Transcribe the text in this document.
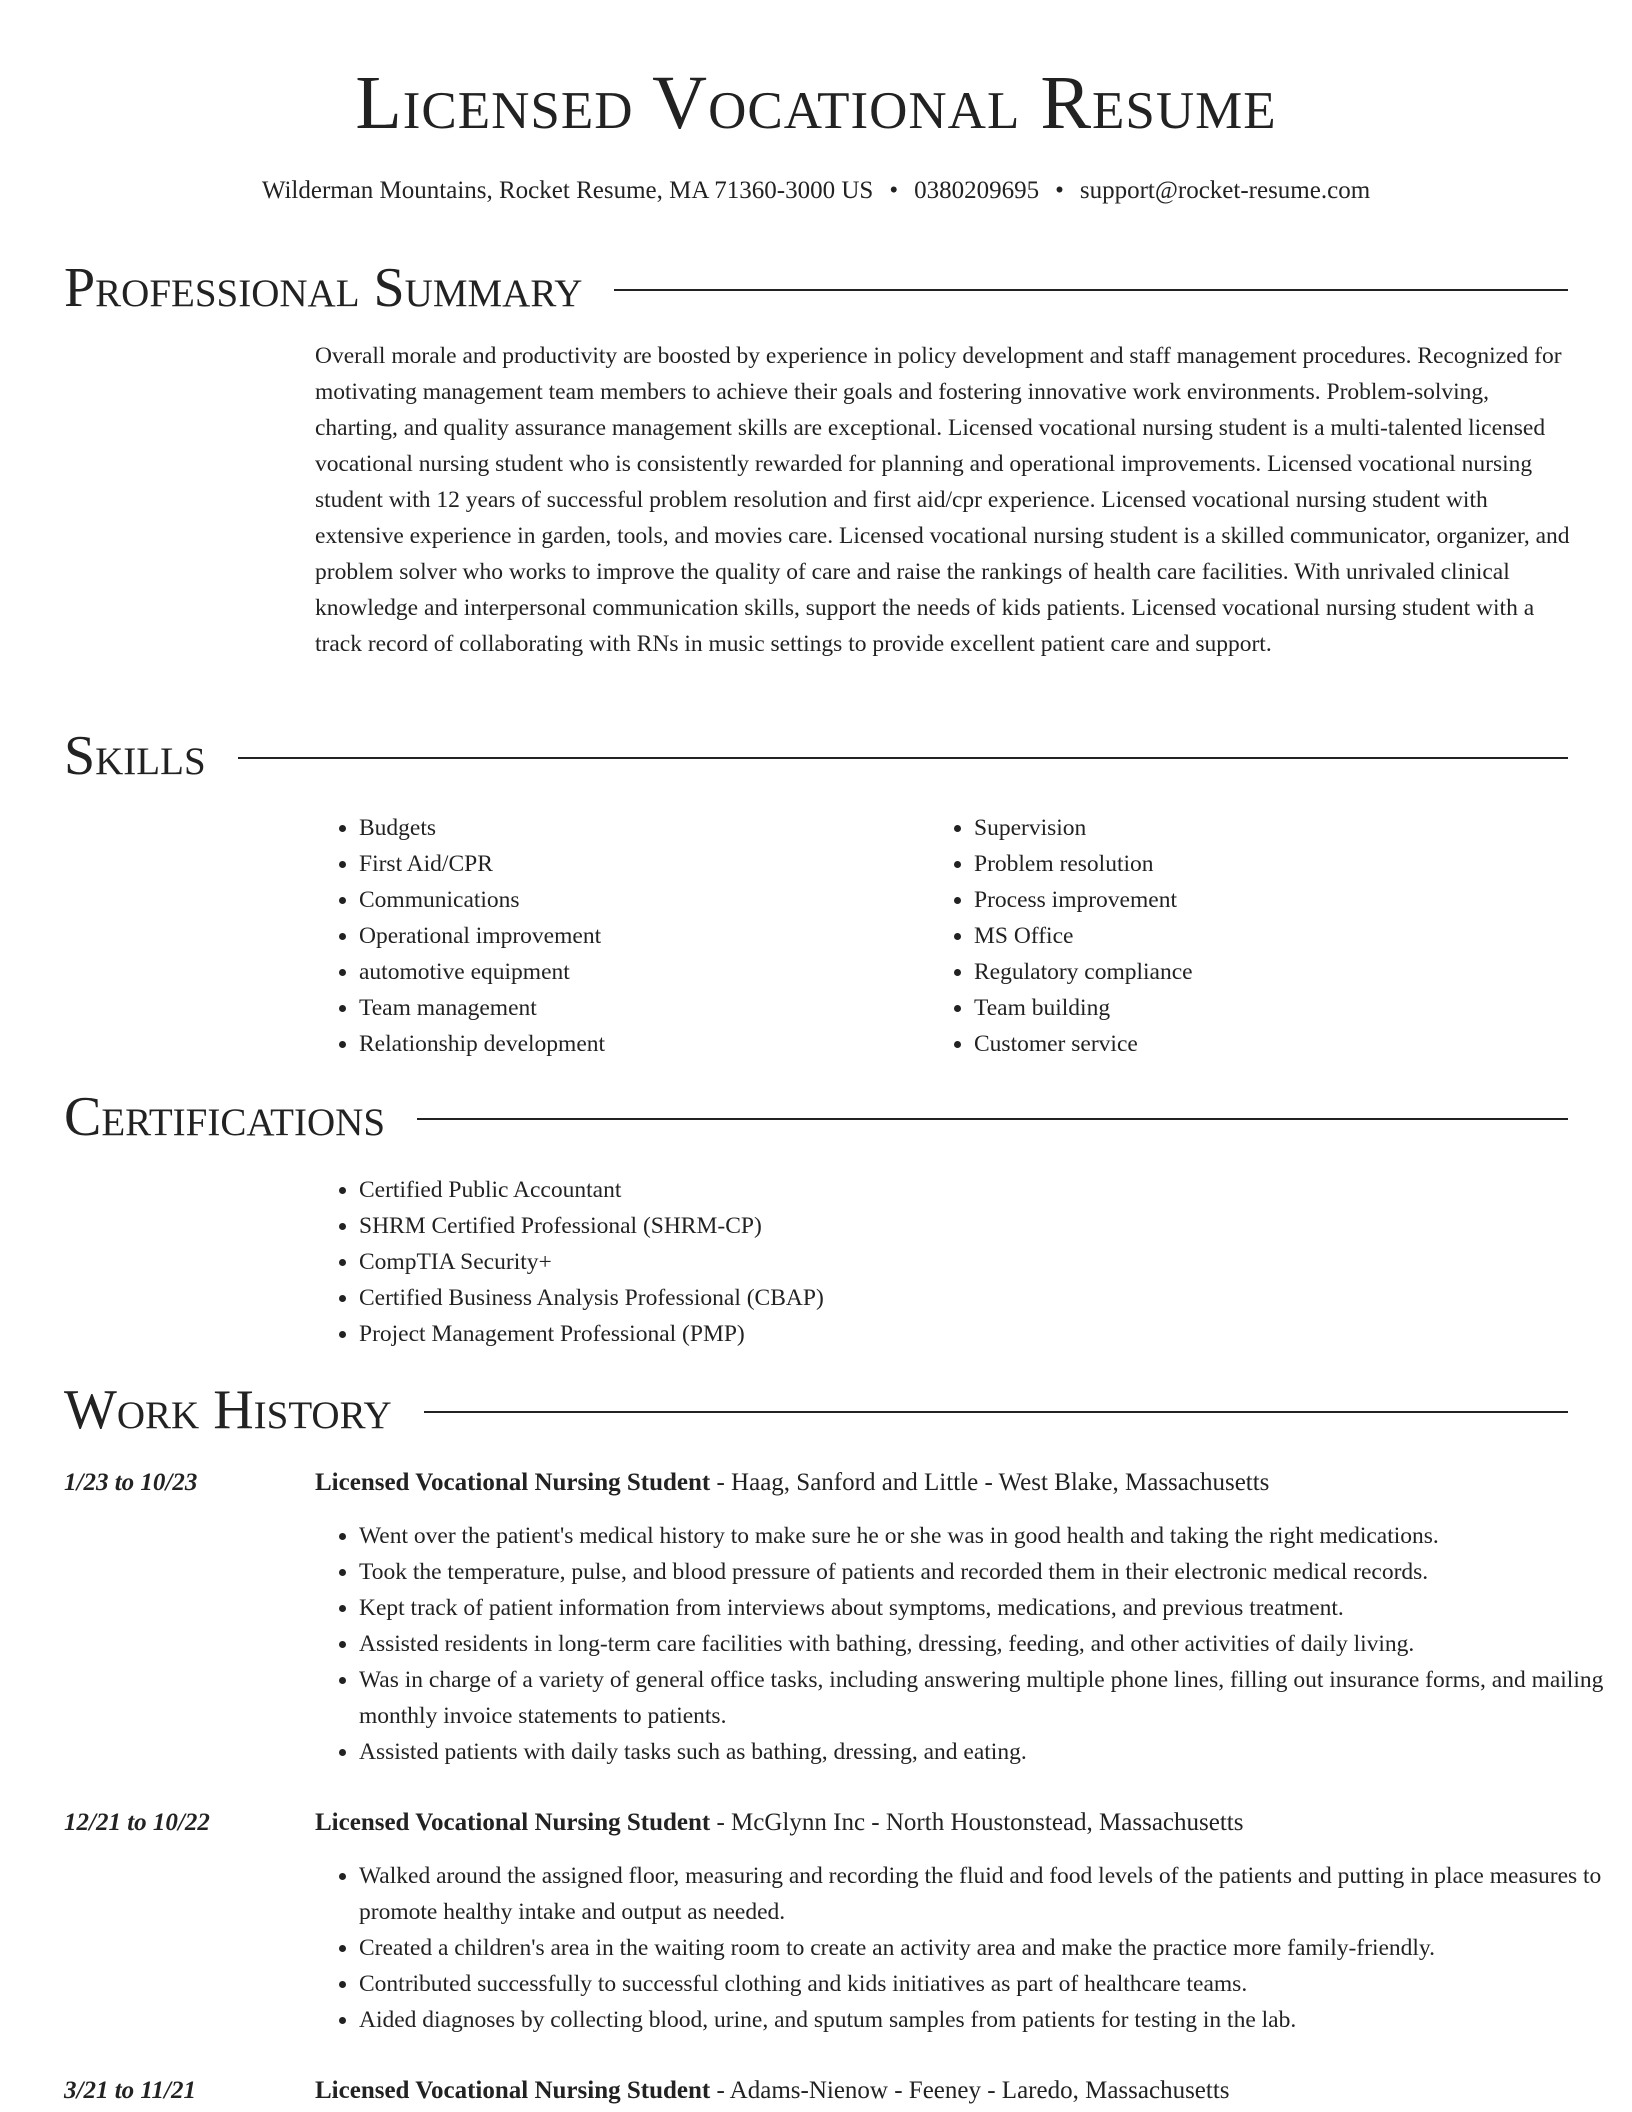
Licensed Vocational Resume
Wilderman Mountains, Rocket Resume, MA 71360-3000 US • 0380209695 • support@rocket-resume.com
Professional Summary
Overall morale and productivity are boosted by experience in policy development and staff management procedures. Recognized for motivating management team members to achieve their goals and fostering innovative work environments. Problem-solving, charting, and quality assurance management skills are exceptional. Licensed vocational nursing student is a multi-talented licensed vocational nursing student who is consistently rewarded for planning and operational improvements. Licensed vocational nursing student with 12 years of successful problem resolution and first aid/cpr experience. Licensed vocational nursing student with extensive experience in garden, tools, and movies care. Licensed vocational nursing student is a skilled communicator, organizer, and problem solver who works to improve the quality of care and raise the rankings of health care facilities. With unrivaled clinical knowledge and interpersonal communication skills, support the needs of kids patients. Licensed vocational nursing student with a track record of collaborating with RNs in music settings to provide excellent patient care and support.
Skills
• Budgets
• First Aid/CPR
• Communications
• Operational improvement
• automotive equipment
• Team management
• Relationship development
• Supervision
• Problem resolution
• Process improvement
• MS Office
• Regulatory compliance
• Team building
• Customer service
Certifications
• Certified Public Accountant
• SHRM Certified Professional (SHRM-CP)
• CompTIA Security+
• Certified Business Analysis Professional (CBAP)
• Project Management Professional (PMP)
Work History
1/23 to 10/23	Licensed Vocational Nursing Student - Haag, Sanford and Little - West Blake, Massachusetts
• Went over the patient's medical history to make sure he or she was in good health and taking the right medications.
• Took the temperature, pulse, and blood pressure of patients and recorded them in their electronic medical records.
• Kept track of patient information from interviews about symptoms, medications, and previous treatment.
• Assisted residents in long-term care facilities with bathing, dressing, feeding, and other activities of daily living.
• Was in charge of a variety of general office tasks, including answering multiple phone lines, filling out insurance forms, and mailing monthly invoice statements to patients.
• Assisted patients with daily tasks such as bathing, dressing, and eating.
12/21 to 10/22	Licensed Vocational Nursing Student - McGlynn Inc - North Houstonstead, Massachusetts
• Walked around the assigned floor, measuring and recording the fluid and food levels of the patients and putting in place measures to promote healthy intake and output as needed.
• Created a children's area in the waiting room to create an activity area and make the practice more family-friendly.
• Contributed successfully to successful clothing and kids initiatives as part of healthcare teams.
• Aided diagnoses by collecting blood, urine, and sputum samples from patients for testing in the lab.
3/21 to 11/21	Licensed Vocational Nursing Student - Adams-Nienow - Feeney - Laredo, Massachusetts
